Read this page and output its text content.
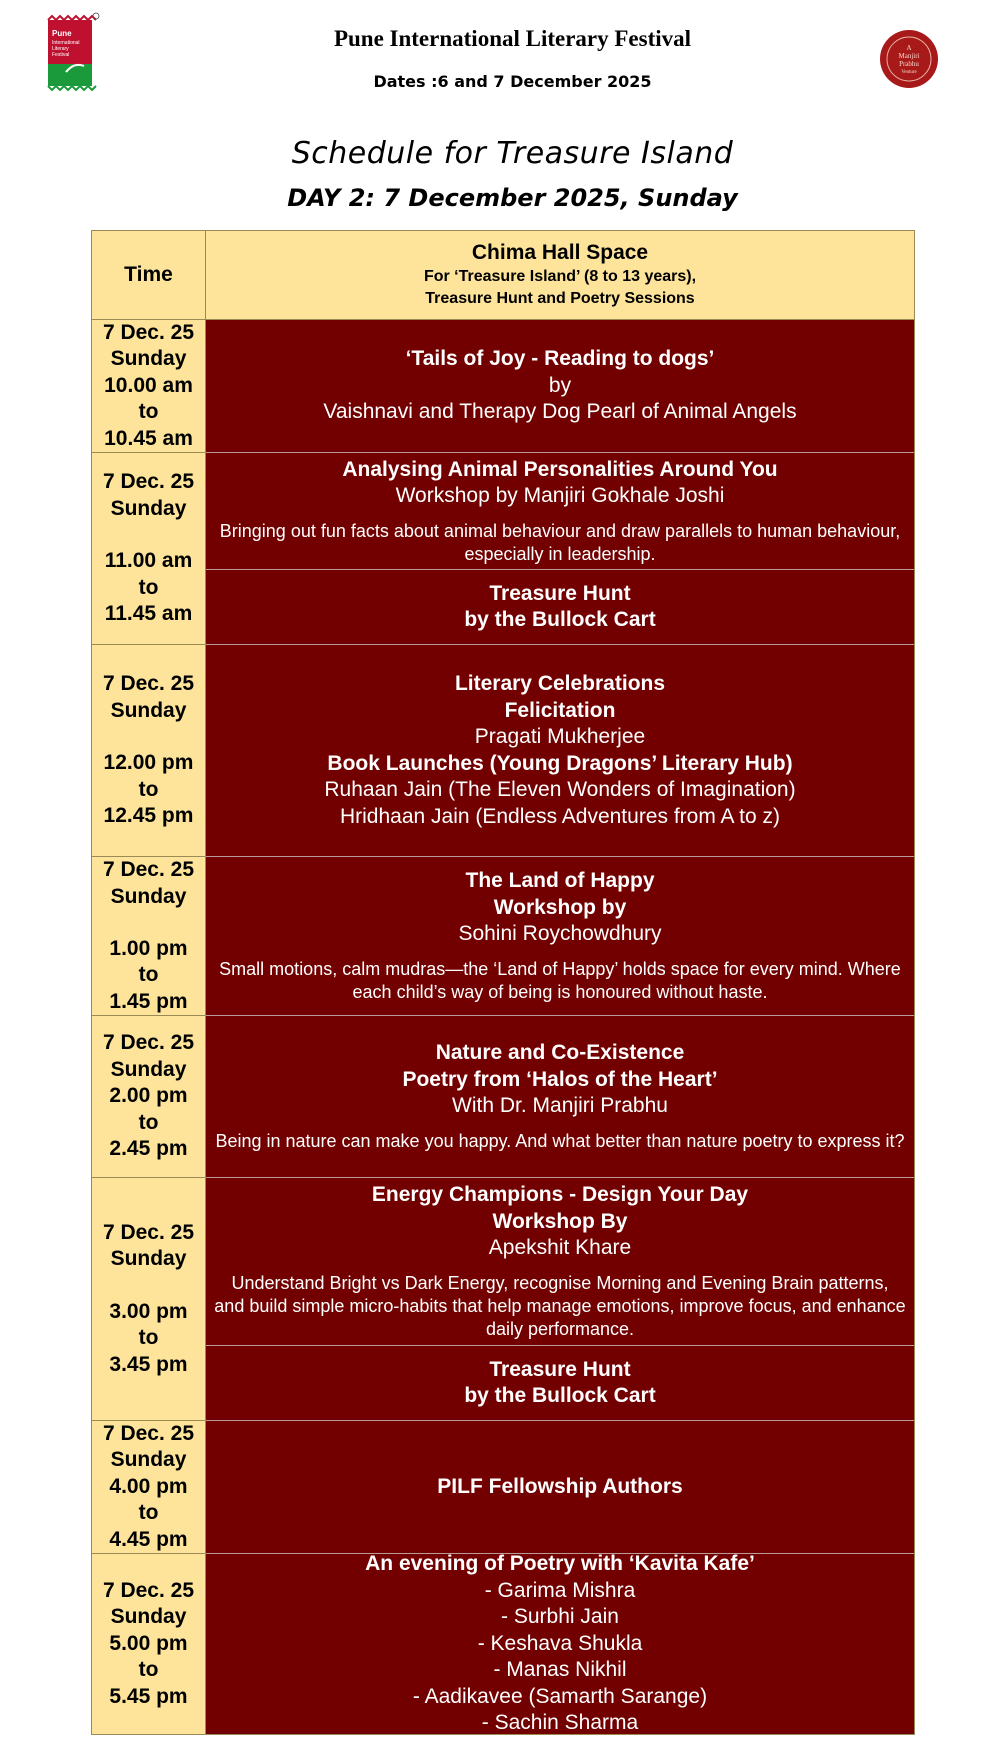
Pune
International
Literary
Festival
Pune International Literary Festival
Dates :6 and 7 December 2025
A
Manjiri
Prabhu
Venture
Schedule for Treasure Island
DAY 2: 7 December 2025, Sunday
Time
Chima Hall Space
For ‘Treasure Island’ (8 to 13 years),
Treasure Hunt and Poetry Sessions
7 Dec. 25
Sunday
10.00 am
to
10.45 am
‘Tails of Joy - Reading to dogs’
by
Vaishnavi and Therapy Dog Pearl of Animal Angels
7 Dec. 25
Sunday
11.00 am
to
11.45 am
Analysing Animal Personalities Around You
Workshop by Manjiri Gokhale Joshi
Bringing out fun facts about animal behaviour and draw parallels to human behaviour, especially in leadership.
Treasure Hunt
by the Bullock Cart
7 Dec. 25
Sunday
12.00 pm
to
12.45 pm
Literary Celebrations
Felicitation
Pragati Mukherjee
Book Launches (Young Dragons’ Literary Hub)
Ruhaan Jain (The Eleven Wonders of Imagination)
Hridhaan Jain (Endless Adventures from A to z)
7 Dec. 25
Sunday
1.00 pm
to
1.45 pm
The Land of Happy
Workshop by
Sohini Roychowdhury
Small motions, calm mudras—the ‘Land of Happy’ holds space for every mind. Where each child’s way of being is honoured without haste.
7 Dec. 25
Sunday
2.00 pm
to
2.45 pm
Nature and Co-Existence
Poetry from ‘Halos of the Heart’
With Dr. Manjiri Prabhu
Being in nature can make you happy. And what better than nature poetry to express it?
7 Dec. 25
Sunday
3.00 pm
to
3.45 pm
Energy Champions - Design Your Day
Workshop By
Apekshit Khare
Understand Bright vs Dark Energy, recognise Morning and Evening Brain patterns, and build simple micro-habits that help manage emotions, improve focus, and enhance daily performance.
Treasure Hunt
by the Bullock Cart
7 Dec. 25
Sunday
4.00 pm
to
4.45 pm
PILF Fellowship Authors
7 Dec. 25
Sunday
5.00 pm
to
5.45 pm
An evening of Poetry with ‘Kavita Kafe’
- Garima Mishra
- Surbhi Jain
- Keshava Shukla
- Manas Nikhil
- Aadikavee (Samarth Sarange)
- Sachin Sharma
